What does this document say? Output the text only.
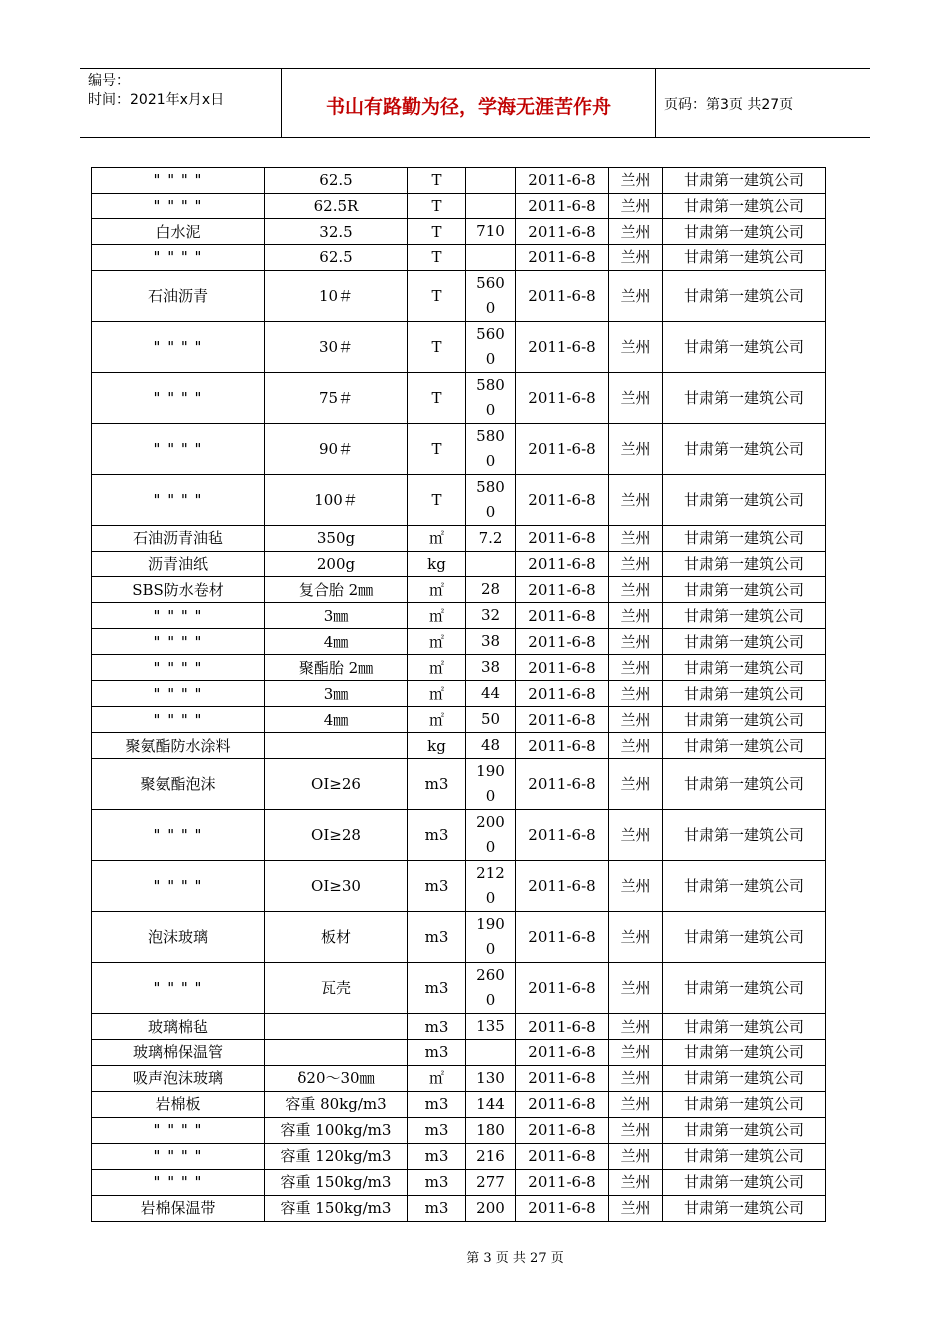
编号：
时间：2021年x月x日	书山有路勤为径，学海无涯苦作舟	页码：第3页 共27页
" " " "	62.5	T		2011-6-8	兰州	甘肃第一建筑公司
" " " "	62.5R	T		2011-6-8	兰州	甘肃第一建筑公司
白水泥	32.5	T	710	2011-6-8	兰州	甘肃第一建筑公司
" " " "	62.5	T		2011-6-8	兰州	甘肃第一建筑公司
石油沥青	10＃	T	5600	2011-6-8	兰州	甘肃第一建筑公司
" " " "	30＃	T	5600	2011-6-8	兰州	甘肃第一建筑公司
" " " "	75＃	T	5800	2011-6-8	兰州	甘肃第一建筑公司
" " " "	90＃	T	5800	2011-6-8	兰州	甘肃第一建筑公司
" " " "	100＃	T	5800	2011-6-8	兰州	甘肃第一建筑公司
石油沥青油毡	350g	㎡	7.2	2011-6-8	兰州	甘肃第一建筑公司
沥青油纸	200g	kg		2011-6-8	兰州	甘肃第一建筑公司
SBS防水卷材	复合胎 2㎜	㎡	28	2011-6-8	兰州	甘肃第一建筑公司
" " " "	3㎜	㎡	32	2011-6-8	兰州	甘肃第一建筑公司
" " " "	4㎜	㎡	38	2011-6-8	兰州	甘肃第一建筑公司
" " " "	聚酯胎 2㎜	㎡	38	2011-6-8	兰州	甘肃第一建筑公司
" " " "	3㎜	㎡	44	2011-6-8	兰州	甘肃第一建筑公司
" " " "	4㎜	㎡	50	2011-6-8	兰州	甘肃第一建筑公司
聚氨酯防水涂料		kg	48	2011-6-8	兰州	甘肃第一建筑公司
聚氨酯泡沫	OI≥26	m3	1900	2011-6-8	兰州	甘肃第一建筑公司
" " " "	OI≥28	m3	2000	2011-6-8	兰州	甘肃第一建筑公司
" " " "	OI≥30	m3	2120	2011-6-8	兰州	甘肃第一建筑公司
泡沫玻璃	板材	m3	1900	2011-6-8	兰州	甘肃第一建筑公司
" " " "	瓦壳	m3	2600	2011-6-8	兰州	甘肃第一建筑公司
玻璃棉毡		m3	135	2011-6-8	兰州	甘肃第一建筑公司
玻璃棉保温管		m3		2011-6-8	兰州	甘肃第一建筑公司
吸声泡沫玻璃	δ20～30㎜	㎡	130	2011-6-8	兰州	甘肃第一建筑公司
岩棉板	容重 80kg/m3	m3	144	2011-6-8	兰州	甘肃第一建筑公司
" " " "	容重 100kg/m3	m3	180	2011-6-8	兰州	甘肃第一建筑公司
" " " "	容重 120kg/m3	m3	216	2011-6-8	兰州	甘肃第一建筑公司
" " " "	容重 150kg/m3	m3	277	2011-6-8	兰州	甘肃第一建筑公司
岩棉保温带	容重 150kg/m3	m3	200	2011-6-8	兰州	甘肃第一建筑公司
第 3 页 共 27 页
